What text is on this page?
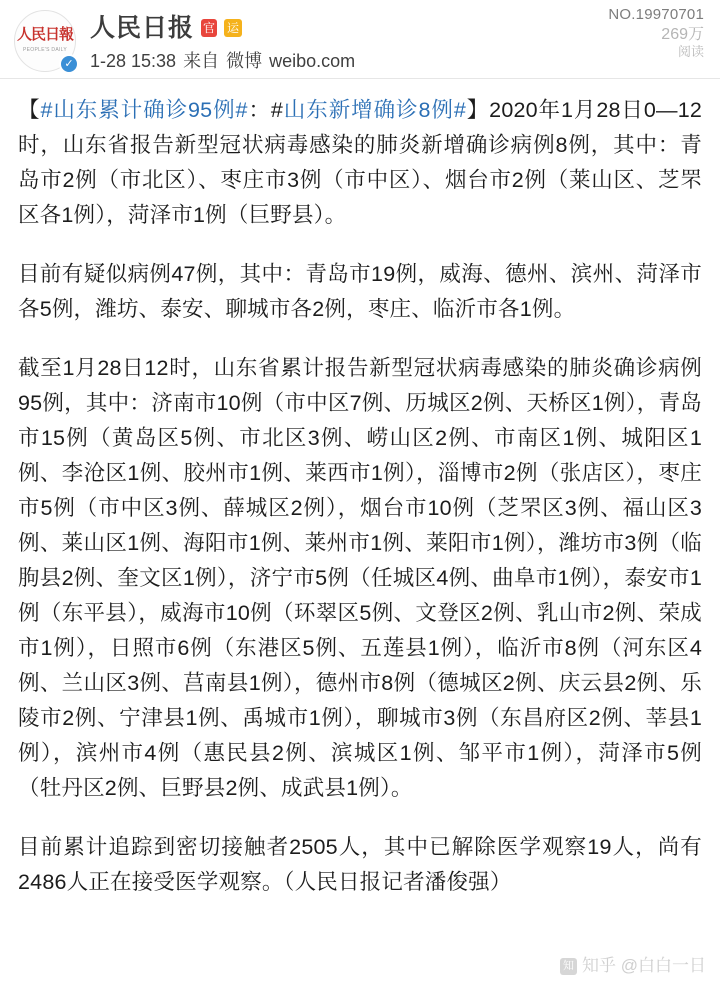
人民日報
PEOPLE'S DAILY
✓
人民日报 官 运
1-28 15:38 来自 微博 weibo.com
NO.19970701
269万
阅读

【#山东累计确诊95例#：#山东新增确诊8例#】2020年1月28日0—12时，山东省报告新型冠状病毒感染的肺炎新增确诊病例8例，其中：青岛市2例（市北区）、枣庄市3例（市中区）、烟台市2例（莱山区、芝罘区各1例），菏泽市1例（巨野县）。

目前有疑似病例47例，其中：青岛市19例，威海、德州、滨州、菏泽市各5例，潍坊、泰安、聊城市各2例，枣庄、临沂市各1例。

截至1月28日12时，山东省累计报告新型冠状病毒感染的肺炎确诊病例95例，其中：济南市10例（市中区7例、历城区2例、天桥区1例），青岛市15例（黄岛区5例、市北区3例、崂山区2例、市南区1例、城阳区1例、李沧区1例、胶州市1例、莱西市1例），淄博市2例（张店区），枣庄市5例（市中区3例、薛城区2例），烟台市10例（芝罘区3例、福山区3例、莱山区1例、海阳市1例、莱州市1例、莱阳市1例），潍坊市3例（临朐县2例、奎文区1例），济宁市5例（任城区4例、曲阜市1例），泰安市1例（东平县），威海市10例（环翠区5例、文登区2例、乳山市2例、荣成市1例），日照市6例（东港区5例、五莲县1例），临沂市8例（河东区4例、兰山区3例、莒南县1例），德州市8例（德城区2例、庆云县2例、乐陵市2例、宁津县1例、禹城市1例），聊城市3例（东昌府区2例、莘县1例），滨州市4例（惠民县2例、滨城区1例、邹平市1例），菏泽市5例（牡丹区2例、巨野县2例、成武县1例）。

目前累计追踪到密切接触者2505人，其中已解除医学观察19人，尚有2486人正在接受医学观察。（人民日报记者潘俊强）

知 知乎 @白白一日
